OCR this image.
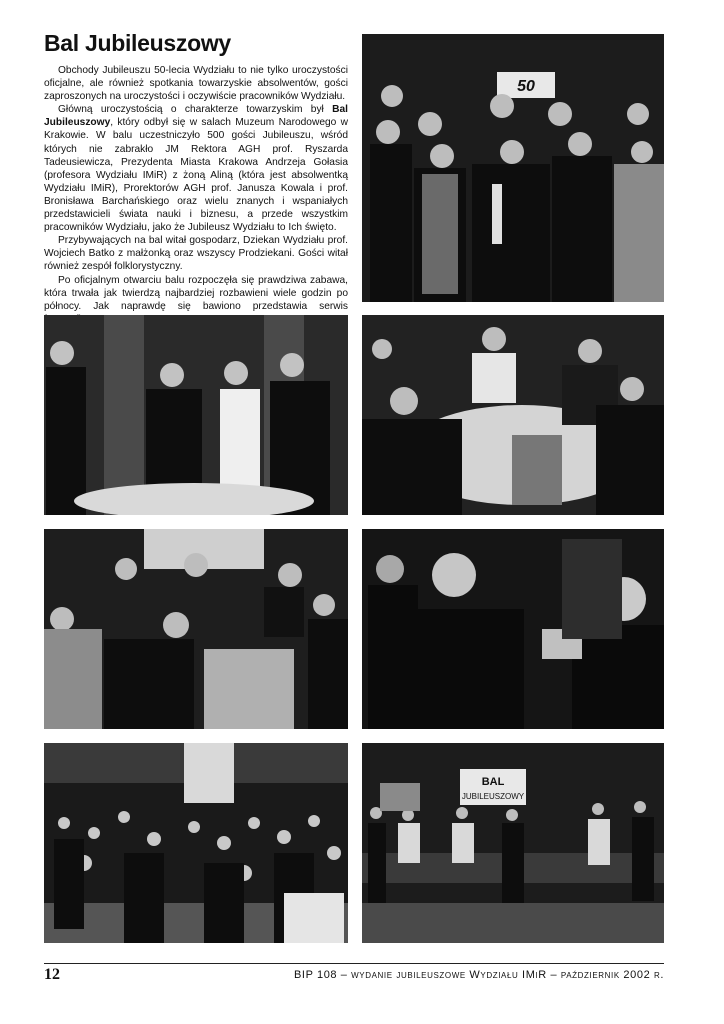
Bal Jubileuszowy

Obchody Jubileuszu 50-lecia Wydziału to nie tylko uroczystości oficjalne, ale również spotkania towarzyskie absolwentów, gości zaproszonych na uroczystości i oczywiście pracowników Wydziału.

Główną uroczystością o charakterze towarzyskim był Bal Jubileuszowy, który odbył się w salach Muzeum Narodowego w Krakowie. W balu uczestniczyło 500 gości Jubileuszu, wśród których nie zabrakło JM Rektora AGH prof. Ryszarda Tadeusiewicza, Prezydenta Miasta Krakowa Andrzeja Gołasia (profesora Wydziału IMiR) z żoną Aliną (która jest absolwentką Wydziału IMiR), Prorektorów AGH prof. Janusza Kowala i prof. Bronisława Barchańskiego oraz wielu znanych i wspaniałych przedstawicieli świata nauki i biznesu, a przede wszystkim pracowników Wydziału, jako że Jubileusz Wydziału to Ich święto.

Przybywających na bal witał gospodarz, Dziekan Wydziału prof. Wojciech Batko z małżonką oraz wszyscy Prodziekani. Gości witał również zespół folklorystyczny.

Po oficjalnym otwarciu balu rozpoczęła się prawdziwa zabawa, która trwała jak twierdzą najbardziej rozbawieni wiele godzin po północy. Jak naprawdę się bawiono przedstawia serwis

50
BAL
JUBILEUSZOWY
12	BIP 108 – wydanie jubileuszowe Wydziału IMiR – październik 2002 r.
